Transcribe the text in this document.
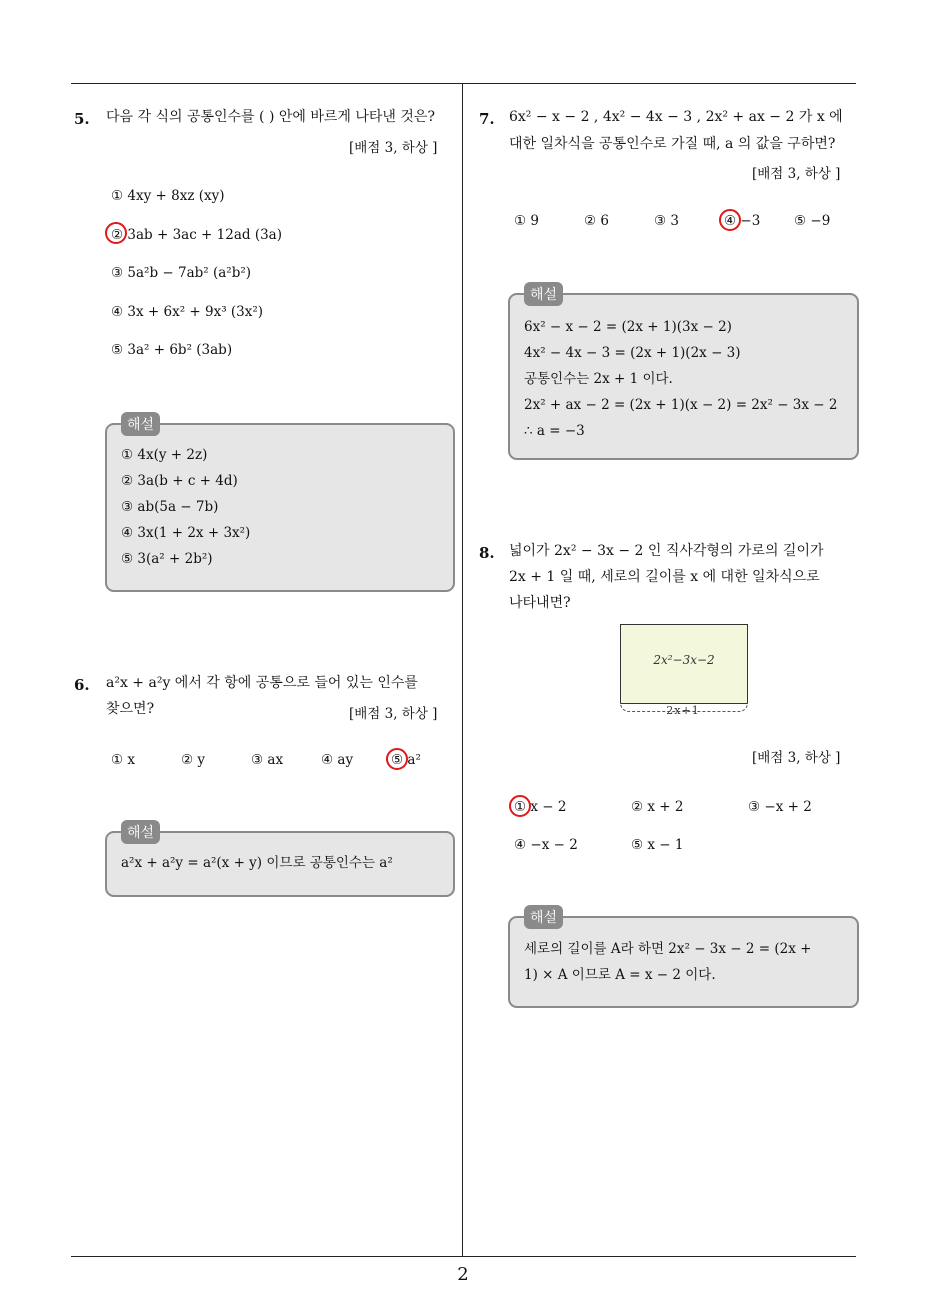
2
5. 다음 각 식의 공통인수를 ( ) 안에 바르게 나타낸 것은?
[배점 3, 하상 ]
① 4xy + 8xz (xy)
② 3ab + 3ac + 12ad (3a)
③ 5a²b − 7ab² (a²b²)
④ 3x + 6x² + 9x³ (3x²)
⑤ 3a² + 6b² (3ab)
해설
① 4x(y + 2z)
② 3a(b + c + 4d)
③ ab(5a − 7b)
④ 3x(1 + 2x + 3x²)
⑤ 3(a² + 2b²)
6. a²x + a²y 에서 각 항에 공통으로 들어 있는 인수를
찾으면?	[배점 3, 하상 ]
① x	② y	③ ax	④ ay	⑤ a²
해설
a²x + a²y = a²(x + y) 이므로 공통인수는 a²
7. 6x² − x − 2 , 4x² − 4x − 3 , 2x² + ax − 2 가 x 에
대한 일차식을 공통인수로 가질 때, a 의 값을 구하면?
[배점 3, 하상 ]
① 9	② 6	③ 3	④ −3 ⑤ −9
해설
6x² − x − 2 = (2x + 1)(3x − 2)
4x² − 4x − 3 = (2x + 1)(2x − 3)
공통인수는 2x + 1 이다.
2x² + ax − 2 = (2x + 1)(x − 2) = 2x² − 3x − 2
∴ a = −3
8. 넓이가 2x² − 3x − 2 인 직사각형의 가로의 길이가
2x + 1 일 때, 세로의 길이를 x 에 대한 일차식으로
나타내면?
2x²−3x−2
2x+1
[배점 3, 하상 ]
① x − 2	② x + 2	③ −x + 2
④ −x − 2	⑤ x − 1
해설
세로의 길이를 A라 하면 2x² − 3x − 2 = (2x +
1) × A 이므로 A = x − 2 이다.
